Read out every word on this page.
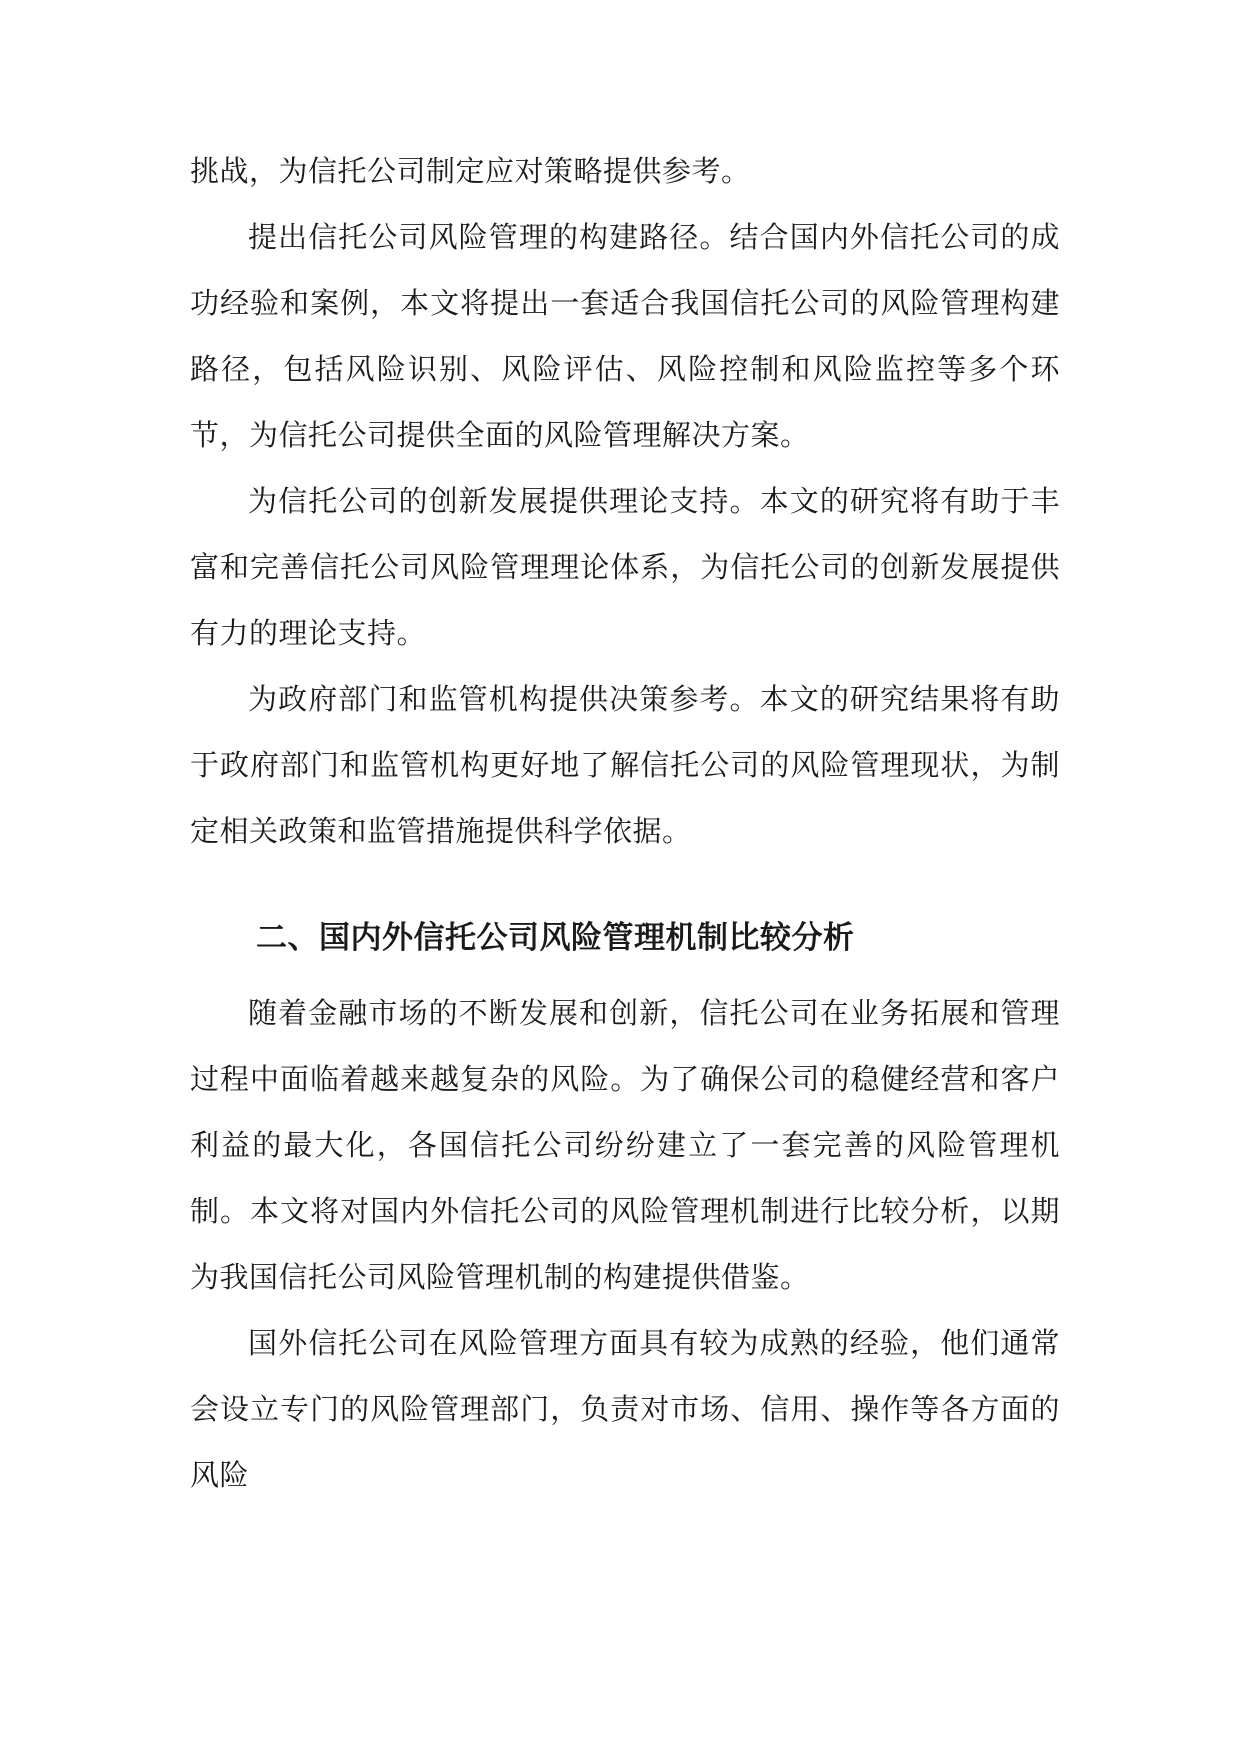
挑战，为信托公司制定应对策略提供参考。

提出信托公司风险管理的构建路径。结合国内外信托公司的成功经验和案例，本文将提出一套适合我国信托公司的风险管理构建路径，包括风险识别、风险评估、风险控制和风险监控等多个环节，为信托公司提供全面的风险管理解决方案。

为信托公司的创新发展提供理论支持。本文的研究将有助于丰富和完善信托公司风险管理理论体系，为信托公司的创新发展提供有力的理论支持。

为政府部门和监管机构提供决策参考。本文的研究结果将有助于政府部门和监管机构更好地了解信托公司的风险管理现状，为制定相关政策和监管措施提供科学依据。

二、国内外信托公司风险管理机制比较分析

随着金融市场的不断发展和创新，信托公司在业务拓展和管理过程中面临着越来越复杂的风险。为了确保公司的稳健经营和客户利益的最大化，各国信托公司纷纷建立了一套完善的风险管理机制。本文将对国内外信托公司的风险管理机制进行比较分析，以期为我国信托公司风险管理机制的构建提供借鉴。

国外信托公司在风险管理方面具有较为成熟的经验，他们通常会设立专门的风险管理部门，负责对市场、信用、操作等各方面的风险
